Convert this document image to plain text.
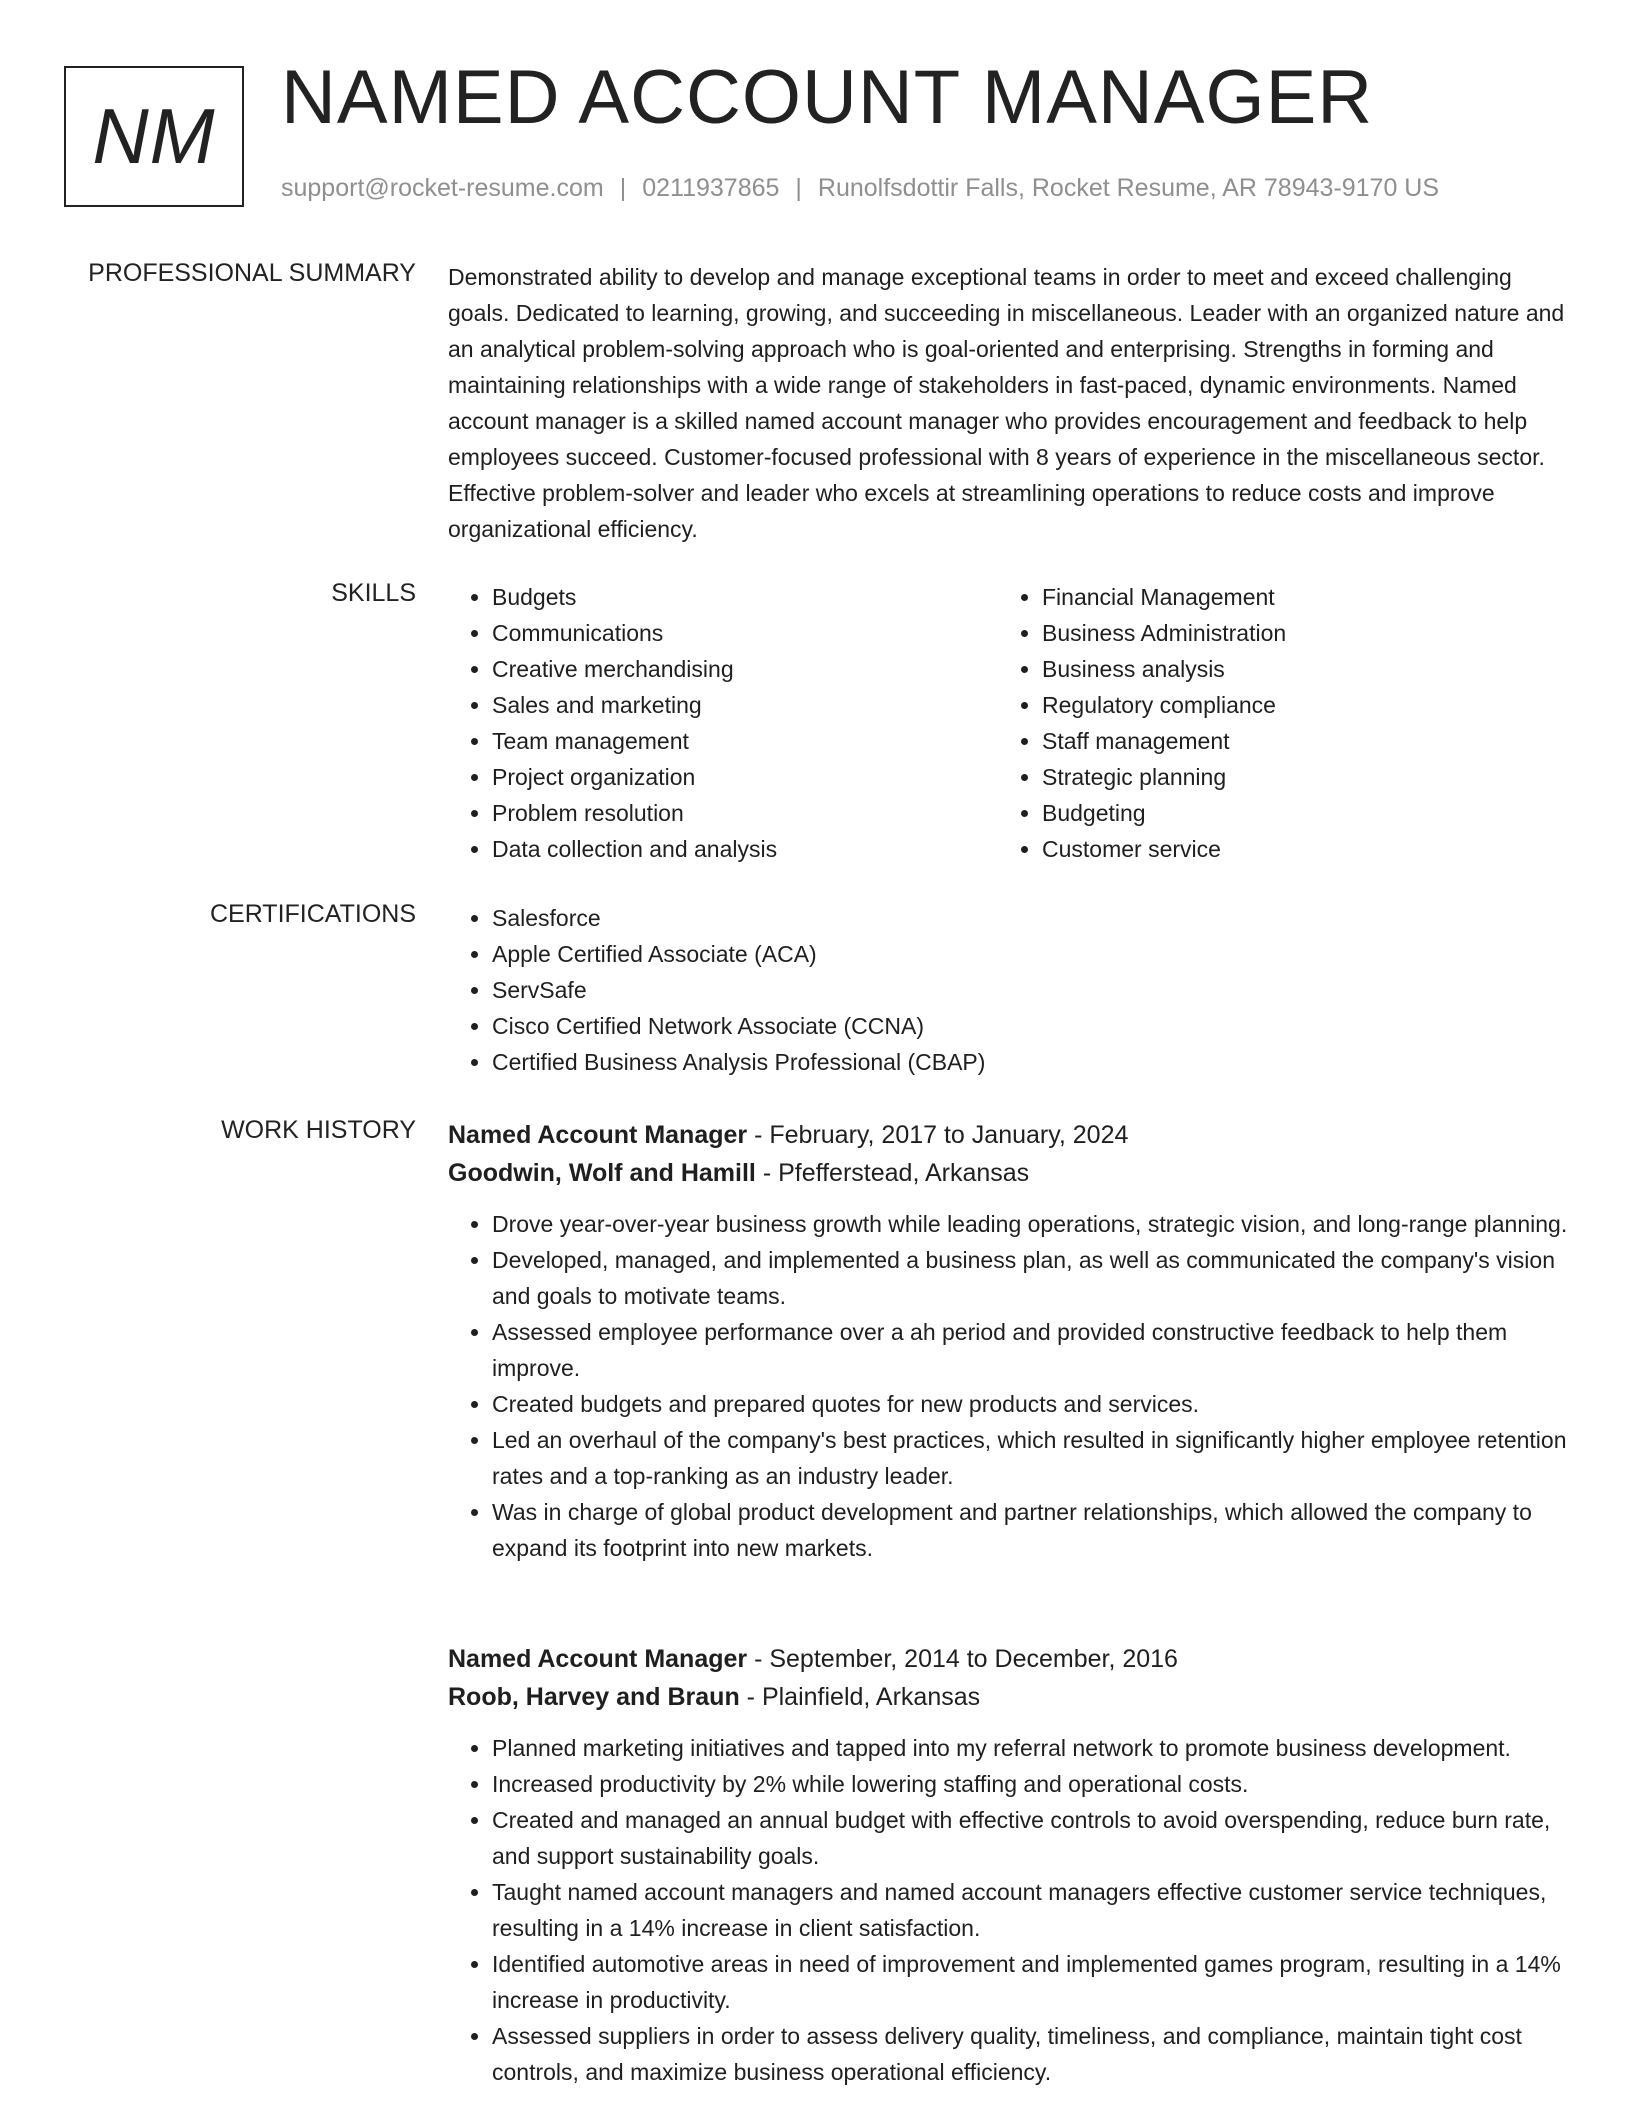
NM NAMED ACCOUNT MANAGER
support@rocket-resume.com | 0211937865 | Runolfsdottir Falls, Rocket Resume, AR 78943-9170 US
PROFESSIONAL SUMMARY Demonstrated ability to develop and manage exceptional teams in order to meet and exceed challenging goals. Dedicated to learning, growing, and succeeding in miscellaneous. Leader with an organized nature and an analytical problem-solving approach who is goal-oriented and enterprising. Strengths in forming and maintaining relationships with a wide range of stakeholders in fast-paced, dynamic environments. Named account manager is a skilled named account manager who provides encouragement and feedback to help employees succeed. Customer-focused professional with 8 years of experience in the miscellaneous sector. Effective problem-solver and leader who excels at streamlining operations to reduce costs and improve organizational efficiency.

SKILLS	• Budgets
• Communications
• Creative merchandising
• Sales and marketing
• Team management
• Project organization
• Problem resolution
• Data collection and analysis
• Financial Management
• Business Administration
• Business analysis
• Regulatory compliance
• Staff management
• Strategic planning
• Budgeting
• Customer service
CERTIFICATIONS	• Salesforce
• Apple Certified Associate (ACA)
• ServSafe
• Cisco Certified Network Associate (CCNA)
• Certified Business Analysis Professional (CBAP)
WORK HISTORY Named Account Manager - February, 2017 to January, 2024
Goodwin, Wolf and Hamill - Pfefferstead, Arkansas
• Drove year-over-year business growth while leading operations, strategic vision, and long-range planning.
• Developed, managed, and implemented a business plan, as well as communicated the company's vision and goals to motivate teams.
• Assessed employee performance over a ah period and provided constructive feedback to help them improve.
• Created budgets and prepared quotes for new products and services.
• Led an overhaul of the company's best practices, which resulted in significantly higher employee retention rates and a top-ranking as an industry leader.
• Was in charge of global product development and partner relationships, which allowed the company to expand its footprint into new markets.
Named Account Manager - September, 2014 to December, 2016
Roob, Harvey and Braun - Plainfield, Arkansas
• Planned marketing initiatives and tapped into my referral network to promote business development.
• Increased productivity by 2% while lowering staffing and operational costs.
• Created and managed an annual budget with effective controls to avoid overspending, reduce burn rate, and support sustainability goals.
• Taught named account managers and named account managers effective customer service techniques, resulting in a 14% increase in client satisfaction.
• Identified automotive areas in need of improvement and implemented games program, resulting in a 14% increase in productivity.
• Assessed suppliers in order to assess delivery quality, timeliness, and compliance, maintain tight cost controls, and maximize business operational efficiency.
